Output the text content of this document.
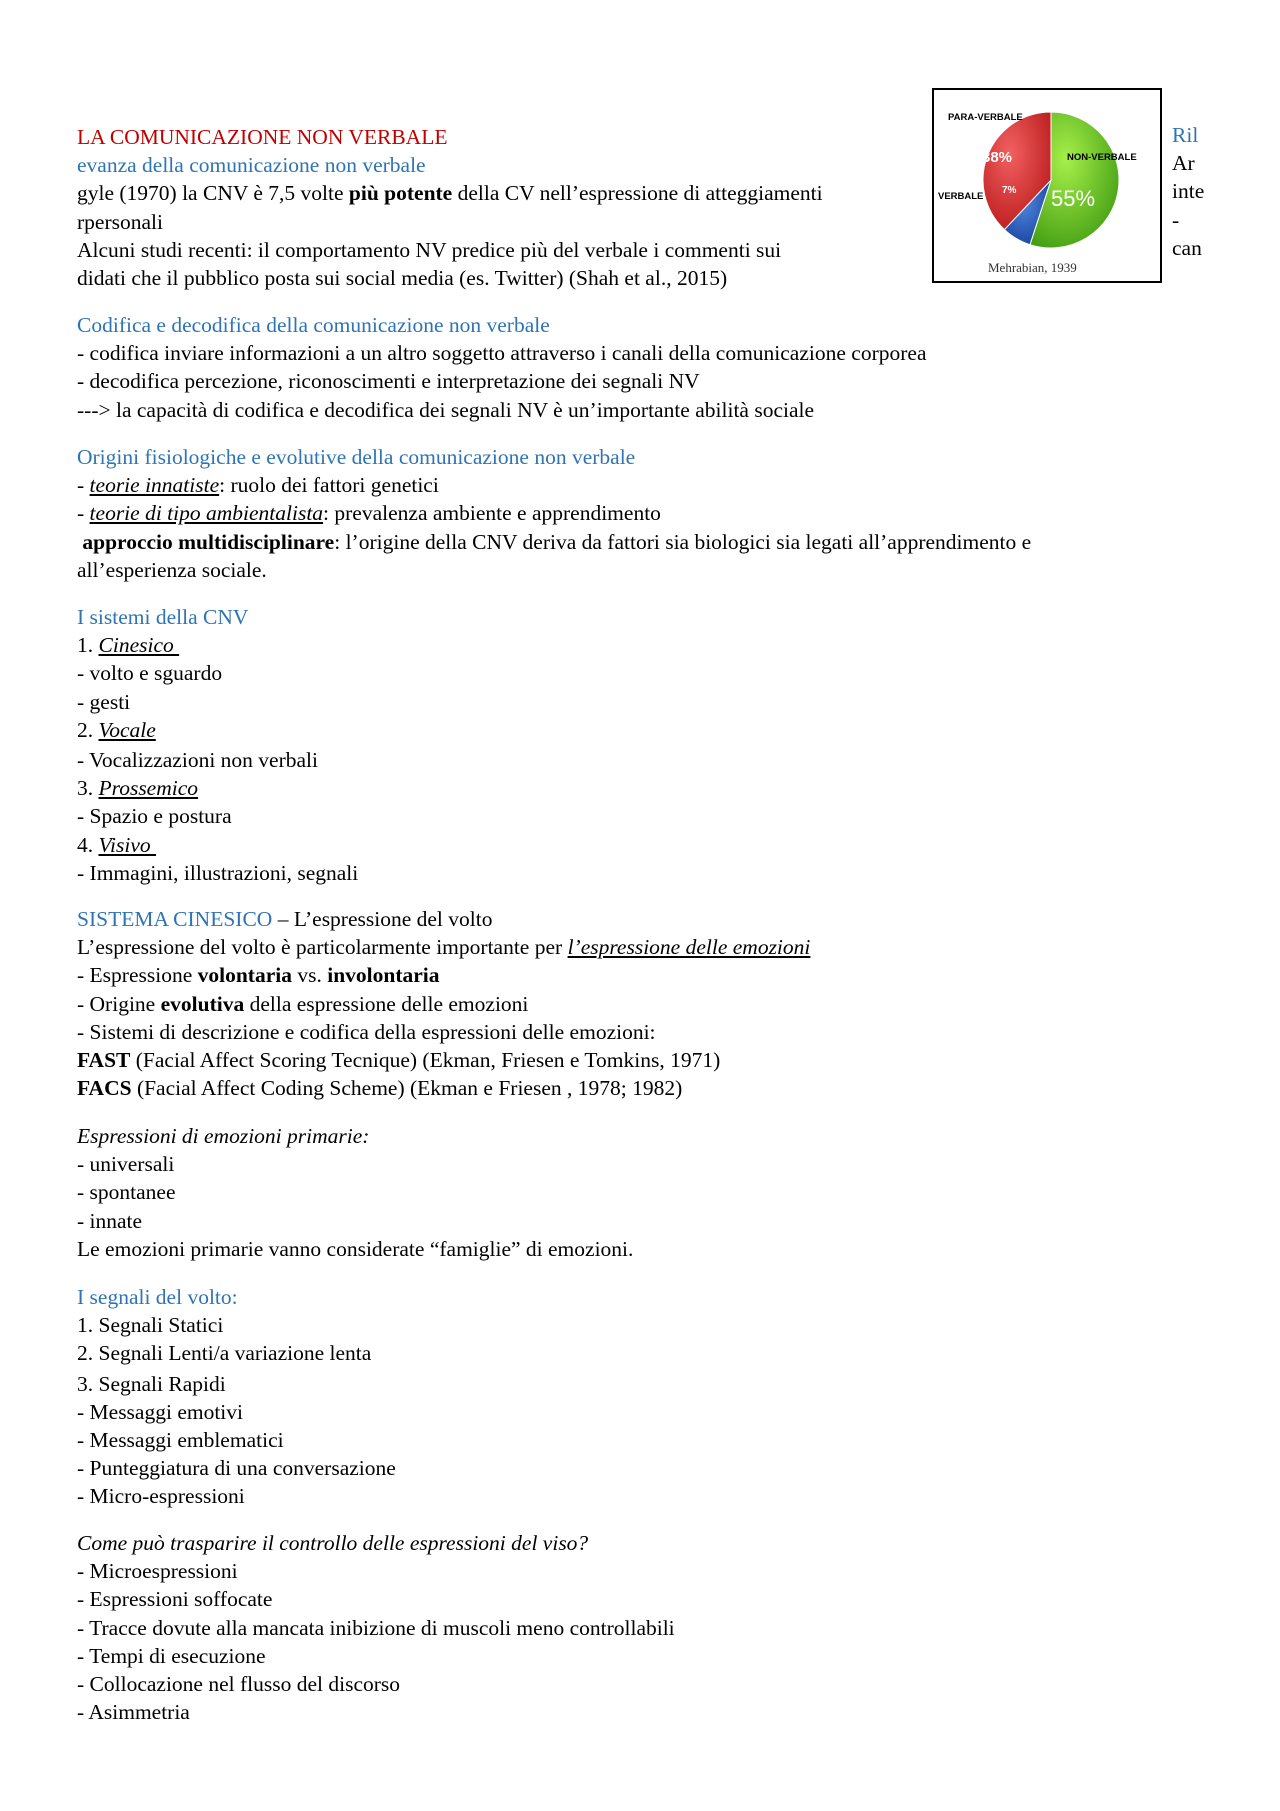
LA COMUNICAZIONE NON VERBALE
evanza della comunicazione non verbale
gyle (1970) la CNV è 7,5 volte più potente della CV nell’espressione di atteggiamenti
rpersonali
Alcuni studi recenti: il comportamento NV predice più del verbale i commenti sui
didati che il pubblico posta sui social media (es. Twitter) (Shah et al., 2015)
Ril
Ar
inte
-
can
PARA-VERBALE
NON-VERBALE
VERBALE
38%
7% 55%
Mehrabian, 1939
Codifica e decodifica della comunicazione non verbale
- codifica inviare informazioni a un altro soggetto attraverso i canali della comunicazione corporea
- decodifica percezione, riconoscimenti e interpretazione dei segnali NV
---> la capacità di codifica e decodifica dei segnali NV è un’importante abilità sociale
Origini fisiologiche e evolutive della comunicazione non verbale
- teorie innatiste: ruolo dei fattori genetici
- teorie di tipo ambientalista: prevalenza ambiente e apprendimento
approccio multidisciplinare: l’origine della CNV deriva da fattori sia biologici sia legati all’apprendimento e
all’esperienza sociale.
I sistemi della CNV
1. Cinesico
- volto e sguardo
- gesti
2. Vocale
- Vocalizzazioni non verbali
3. Prossemico
- Spazio e postura
4. Visivo
- Immagini, illustrazioni, segnali
SISTEMA CINESICO – L’espressione del volto
L’espressione del volto è particolarmente importante per l’espressione delle emozioni
- Espressione volontaria vs. involontaria
- Origine evolutiva della espressione delle emozioni
- Sistemi di descrizione e codifica della espressioni delle emozioni:
FAST (Facial Affect Scoring Tecnique) (Ekman, Friesen e Tomkins, 1971)
FACS (Facial Affect Coding Scheme) (Ekman e Friesen , 1978; 1982)
Espressioni di emozioni primarie:
- universali
- spontanee
- innate
Le emozioni primarie vanno considerate “famiglie” di emozioni.
I segnali del volto:
1. Segnali Statici
2. Segnali Lenti/a variazione lenta
3. Segnali Rapidi
- Messaggi emotivi
- Messaggi emblematici
- Punteggiatura di una conversazione
- Micro-espressioni
Come può trasparire il controllo delle espressioni del viso?
- Microespressioni
- Espressioni soffocate
- Tracce dovute alla mancata inibizione di muscoli meno controllabili
- Tempi di esecuzione
- Collocazione nel flusso del discorso
- Asimmetria
